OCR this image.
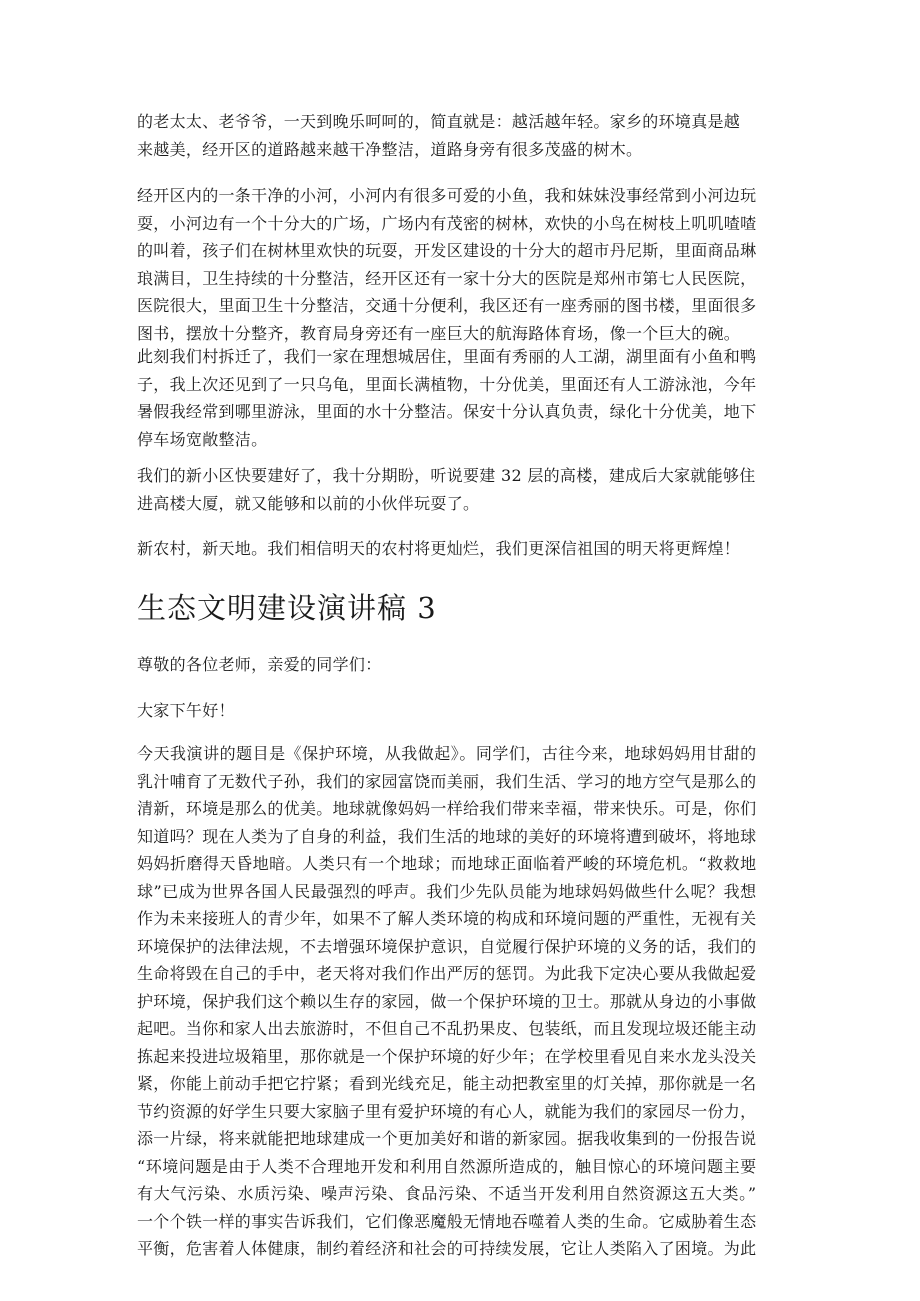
的老太太、老爷爷，一天到晚乐呵呵的，简直就是：越活越年轻。家乡的环境真是越
来越美，经开区的道路越来越干净整洁，道路身旁有很多茂盛的树木。
经开区内的一条干净的小河，小河内有很多可爱的小鱼，我和妹妹没事经常到小河边玩
耍，小河边有一个十分大的广场，广场内有茂密的树林，欢快的小鸟在树枝上叽叽喳喳
的叫着，孩子们在树林里欢快的玩耍，开发区建设的十分大的超市丹尼斯，里面商品琳
琅满目，卫生持续的十分整洁，经开区还有一家十分大的医院是郑州市第七人民医院，
医院很大，里面卫生十分整洁，交通十分便利，我区还有一座秀丽的图书楼，里面很多
图书，摆放十分整齐，教育局身旁还有一座巨大的航海路体育场，像一个巨大的碗。
此刻我们村拆迁了，我们一家在理想城居住，里面有秀丽的人工湖，湖里面有小鱼和鸭
子，我上次还见到了一只乌龟，里面长满植物，十分优美，里面还有人工游泳池，今年
暑假我经常到哪里游泳，里面的水十分整洁。保安十分认真负责，绿化十分优美，地下
停车场宽敞整洁。
我们的新小区快要建好了，我十分期盼，听说要建 32 层的高楼，建成后大家就能够住
进高楼大厦，就又能够和以前的小伙伴玩耍了。
新农村，新天地。我们相信明天的农村将更灿烂，我们更深信祖国的明天将更辉煌！
生态文明建设演讲稿 3
尊敬的各位老师，亲爱的同学们：
大家下午好！
今天我演讲的题目是《保护环境，从我做起》。同学们，古往今来，地球妈妈用甘甜的
乳汁哺育了无数代子孙，我们的家园富饶而美丽，我们生活、学习的地方空气是那么的
清新，环境是那么的优美。地球就像妈妈一样给我们带来幸福，带来快乐。可是，你们
知道吗？现在人类为了自身的利益，我们生活的地球的美好的环境将遭到破坏，将地球
妈妈折磨得天昏地暗。人类只有一个地球；而地球正面临着严峻的环境危机。“救救地
球”已成为世界各国人民最强烈的呼声。我们少先队员能为地球妈妈做些什么呢？我想
作为未来接班人的青少年，如果不了解人类环境的构成和环境问题的严重性，无视有关
环境保护的法律法规，不去增强环境保护意识，自觉履行保护环境的义务的话，我们的
生命将毁在自己的手中，老天将对我们作出严厉的惩罚。为此我下定决心要从我做起爱
护环境，保护我们这个赖以生存的家园，做一个保护环境的卫士。那就从身边的小事做
起吧。当你和家人出去旅游时，不但自己不乱扔果皮、包装纸，而且发现垃圾还能主动
拣起来投进垃圾箱里，那你就是一个保护环境的好少年；在学校里看见自来水龙头没关
紧，你能上前动手把它拧紧；看到光线充足，能主动把教室里的灯关掉，那你就是一名
节约资源的好学生只要大家脑子里有爱护环境的有心人，就能为我们的家园尽一份力，
添一片绿，将来就能把地球建成一个更加美好和谐的新家园。据我收集到的一份报告说
“环境问题是由于人类不合理地开发和利用自然源所造成的，触目惊心的环境问题主要
有大气污染、水质污染、噪声污染、食品污染、不适当开发利用自然资源这五大类。”
一个个铁一样的事实告诉我们，它们像恶魔般无情地吞噬着人类的生命。它威胁着生态
平衡，危害着人体健康，制约着经济和社会的可持续发展，它让人类陷入了困境。为此
